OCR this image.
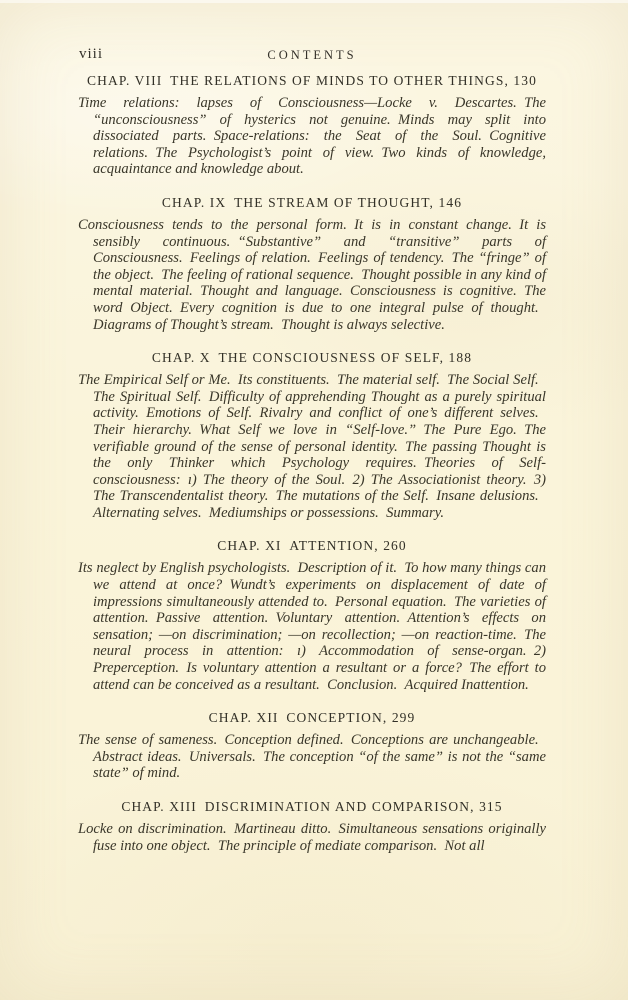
viii	CONTENTS
CHAP. VIII THE RELATIONS OF MINDS TO OTHER THINGS, 130

Time relations: lapses of Consciousness—Locke v. Descartes. The “unconsciousness” of hysterics not genuine. Minds may split into dissociated parts. Space-relations: the Seat of the Soul. Cognitive relations. The Psychologist’s point of view. Two kinds of knowledge, acquaintance and knowledge about.

CHAP. IX THE STREAM OF THOUGHT, 146

Consciousness tends to the personal form. It is in constant change. It is sensibly continuous. “Substantive” and “transitive” parts of Consciousness. Feelings of relation. Feelings of tendency. The “fringe” of the object. The feeling of rational sequence. Thought possible in any kind of mental material. Thought and language. Consciousness is cognitive. The word Object. Every cognition is due to one integral pulse of thought. Diagrams of Thought’s stream. Thought is always selective.

CHAP. X THE CONSCIOUSNESS OF SELF, 188

The Empirical Self or Me. Its constituents. The material self. The Social Self. The Spiritual Self. Difficulty of apprehending Thought as a purely spiritual activity. Emotions of Self. Rivalry and conflict of one’s different selves. Their hierarchy. What Self we love in “Self-love.” The Pure Ego. The verifiable ground of the sense of personal identity. The passing Thought is the only Thinker which Psychology requires. Theories of Self-consciousness: ı) The theory of the Soul. 2) The Associationist theory. 3) The Transcendentalist theory. The mutations of the Self. Insane delusions. Alternating selves. Mediumships or possessions. Summary.

CHAP. XI ATTENTION, 260

Its neglect by English psychologists. Description of it. To how many things can we attend at once? Wundt’s experiments on displacement of date of impressions simultaneously attended to. Personal equation. The varieties of attention. Passive attention. Voluntary attention. Attention’s effects on sensation; —on discrimination; —on recollection; —on reaction-time. The neural process in attention: ı) Accommodation of sense-organ. 2) Preperception. Is voluntary attention a resultant or a force? The effort to attend can be conceived as a resultant. Conclusion. Acquired Inattention.

CHAP. XII CONCEPTION, 299

The sense of sameness. Conception defined. Conceptions are unchangeable. Abstract ideas. Universals. The conception “of the same” is not the “same state” of mind.

CHAP. XIII DISCRIMINATION AND COMPARISON, 315

Locke on discrimination. Martineau ditto. Simultaneous sensations originally fuse into one object. The principle of mediate comparison. Not all
